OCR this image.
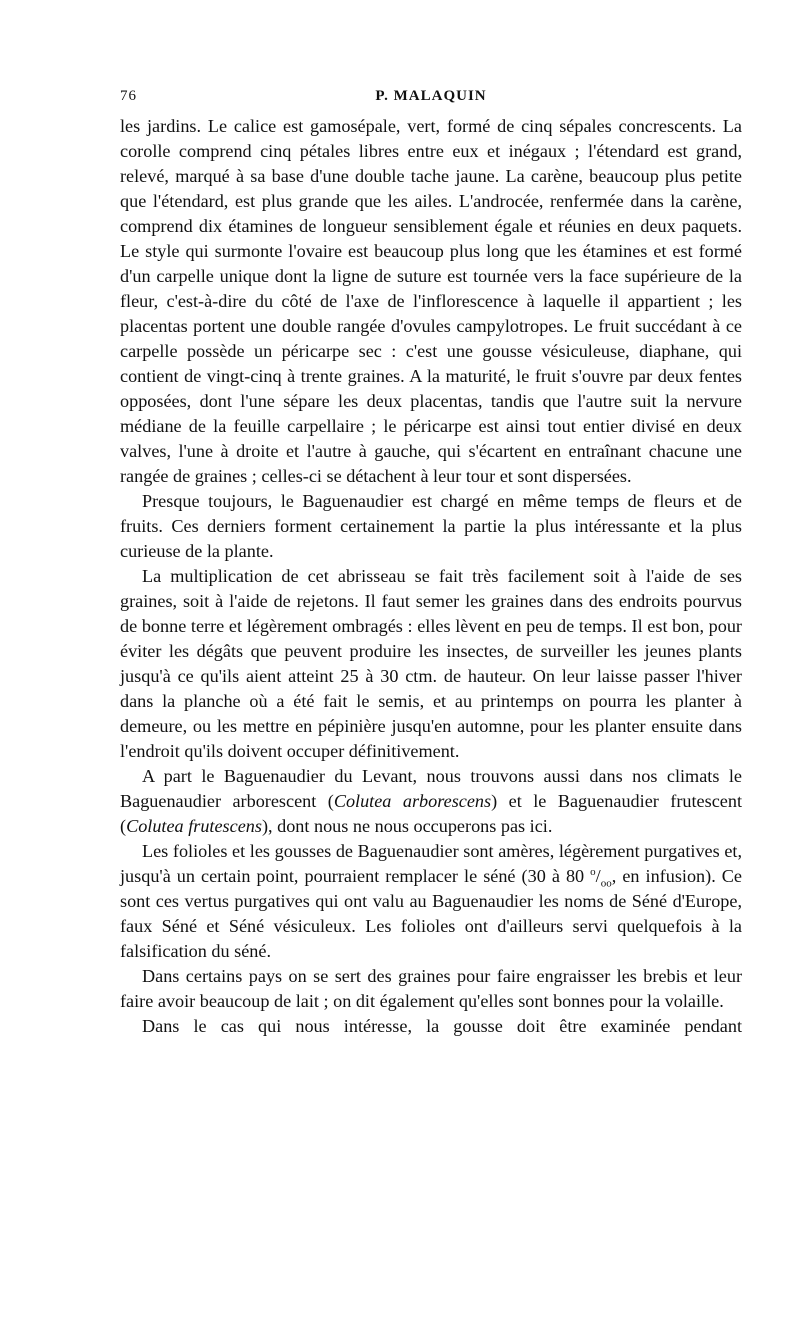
76	P. MALAQUIN

les jardins. Le calice est gamosépale, vert, formé de cinq sépales concrescents. La corolle comprend cinq pétales libres entre eux et inégaux ; l'étendard est grand, relevé, marqué à sa base d'une double tache jaune. La carène, beaucoup plus petite que l'étendard, est plus grande que les ailes. L'androcée, renfermée dans la carène, comprend dix étamines de longueur sensiblement égale et réunies en deux paquets. Le style qui surmonte l'ovaire est beaucoup plus long que les étamines et est formé d'un carpelle unique dont la ligne de suture est tournée vers la face supérieure de la fleur, c'est-à-dire du côté de l'axe de l'inflorescence à laquelle il appartient ; les placentas portent une double rangée d'ovules campylotropes. Le fruit succédant à ce carpelle possède un péricarpe sec : c'est une gousse vésiculeuse, diaphane, qui contient de vingt-cinq à trente graines. A la maturité, le fruit s'ouvre par deux fentes opposées, dont l'une sépare les deux placentas, tandis que l'autre suit la nervure médiane de la feuille carpellaire ; le péricarpe est ainsi tout entier divisé en deux valves, l'une à droite et l'autre à gauche, qui s'écartent en entraînant chacune une rangée de graines ; celles-ci se détachent à leur tour et sont dispersées.

Presque toujours, le Baguenaudier est chargé en même temps de fleurs et de fruits. Ces derniers forment certainement la partie la plus intéressante et la plus curieuse de la plante.

La multiplication de cet abrisseau se fait très facilement soit à l'aide de ses graines, soit à l'aide de rejetons. Il faut semer les graines dans des endroits pourvus de bonne terre et légèrement ombragés : elles lèvent en peu de temps. Il est bon, pour éviter les dégâts que peuvent produire les insectes, de surveiller les jeunes plants jusqu'à ce qu'ils aient atteint 25 à 30 ctm. de hauteur. On leur laisse passer l'hiver dans la planche où a été fait le semis, et au printemps on pourra les planter à demeure, ou les mettre en pépinière jusqu'en automne, pour les planter ensuite dans l'endroit qu'ils doivent occuper définitivement.

A part le Baguenaudier du Levant, nous trouvons aussi dans nos climats le Baguenaudier arborescent (Colutea arborescens) et le Baguenaudier frutescent (Colutea frutescens), dont nous ne nous occuperons pas ici.

Les folioles et les gousses de Baguenaudier sont amères, légèrement purgatives et, jusqu'à un certain point, pourraient remplacer le séné (30 à 80 $^o/_{oo}$, en infusion). Ce sont ces vertus purgatives qui ont valu au Baguenaudier les noms de Séné d'Europe, faux Séné et Séné vésiculeux. Les folioles ont d'ailleurs servi quelquefois à la falsification du séné.

Dans certains pays on se sert des graines pour faire engraisser les brebis et leur faire avoir beaucoup de lait ; on dit également qu'elles sont bonnes pour la volaille.

Dans le cas qui nous intéresse, la gousse doit être examinée pendant
